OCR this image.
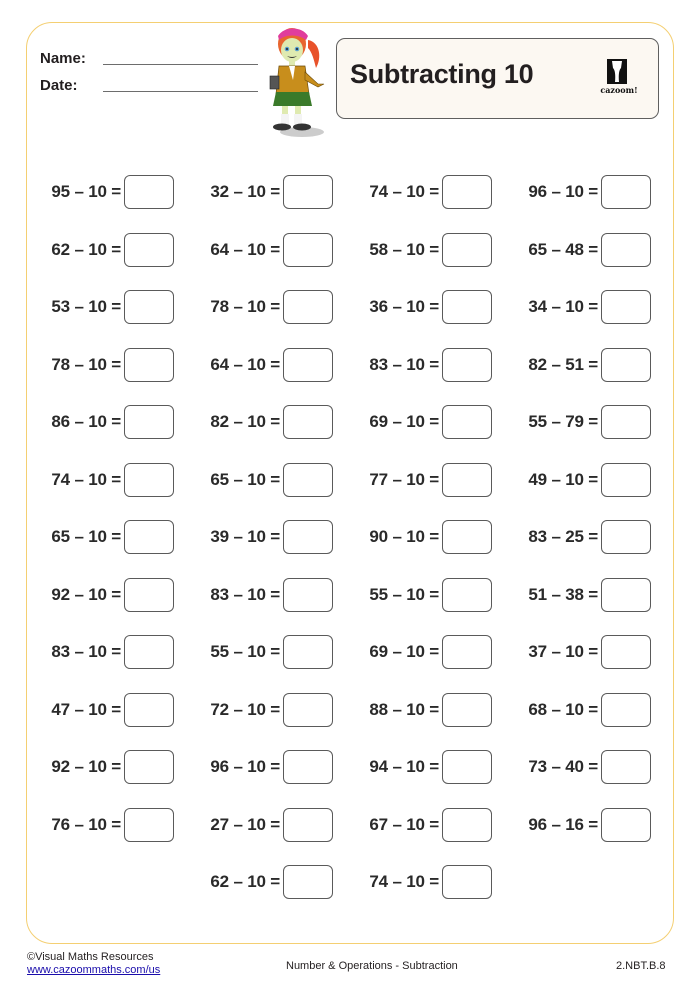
Name:
Date:	Subtracting 10
cazoom!
95 – 10 =
62 – 10 =
53 – 10 =
78 – 10 =
86 – 10 =
74 – 10 =
65 – 10 =
92 – 10 =
83 – 10 =
47 – 10 =
92 – 10 =
76 – 10 =
32 – 10 =
64 – 10 =
78 – 10 =
64 – 10 =
82 – 10 =
65 – 10 =
39 – 10 =
83 – 10 =
55 – 10 =
72 – 10 =
96 – 10 =
27 – 10 =
62 – 10 =
74 – 10 =
58 – 10 =
36 – 10 =
83 – 10 =
69 – 10 =
77 – 10 =
90 – 10 =
55 – 10 =
69 – 10 =
88 – 10 =
94 – 10 =
67 – 10 =
74 – 10 =
96 – 10 =
65 – 48 =
34 – 10 =
82 – 51 =
55 – 79 =
49 – 10 =
83 – 25 =
51 – 38 =
37 – 10 =
68 – 10 =
73 – 40 =
96 – 16 =
©Visual Maths Resources
www.cazoommaths.com/us	Number & Operations - Subtraction	2.NBT.B.8
